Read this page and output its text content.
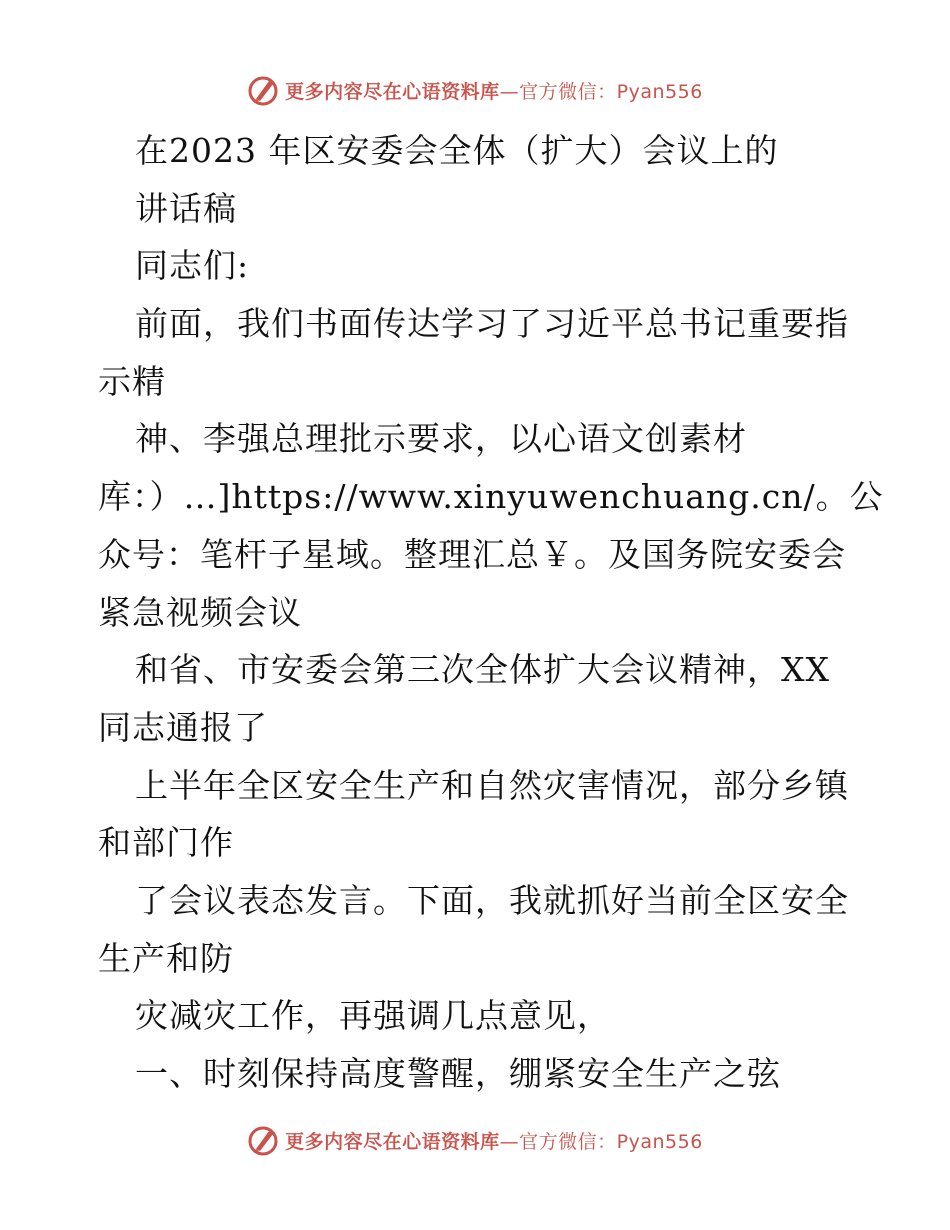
更多内容尽在心语资料库—官方微信：Pyan556
在2023 年区安委会全体（扩大）会议上的
讲话稿
同志们:
前面，我们书面传达学习了习近平总书记重要指
示精
神、李强总理批示要求，以心语文创素材
库：）…]https://www.xinyuwenchuang.cn/。公
众号：笔杆子星域。整理汇总￥。及国务院安委会
紧急视频会议
和省、市安委会第三次全体扩大会议精神，XX
同志通报了
上半年全区安全生产和自然灾害情况，部分乡镇
和部门作
了会议表态发言。下面，我就抓好当前全区安全
生产和防
灾减灾工作，再强调几点意见，
一、时刻保持高度警醒，绷紧安全生产之弦
更多内容尽在心语资料库—官方微信：Pyan556
